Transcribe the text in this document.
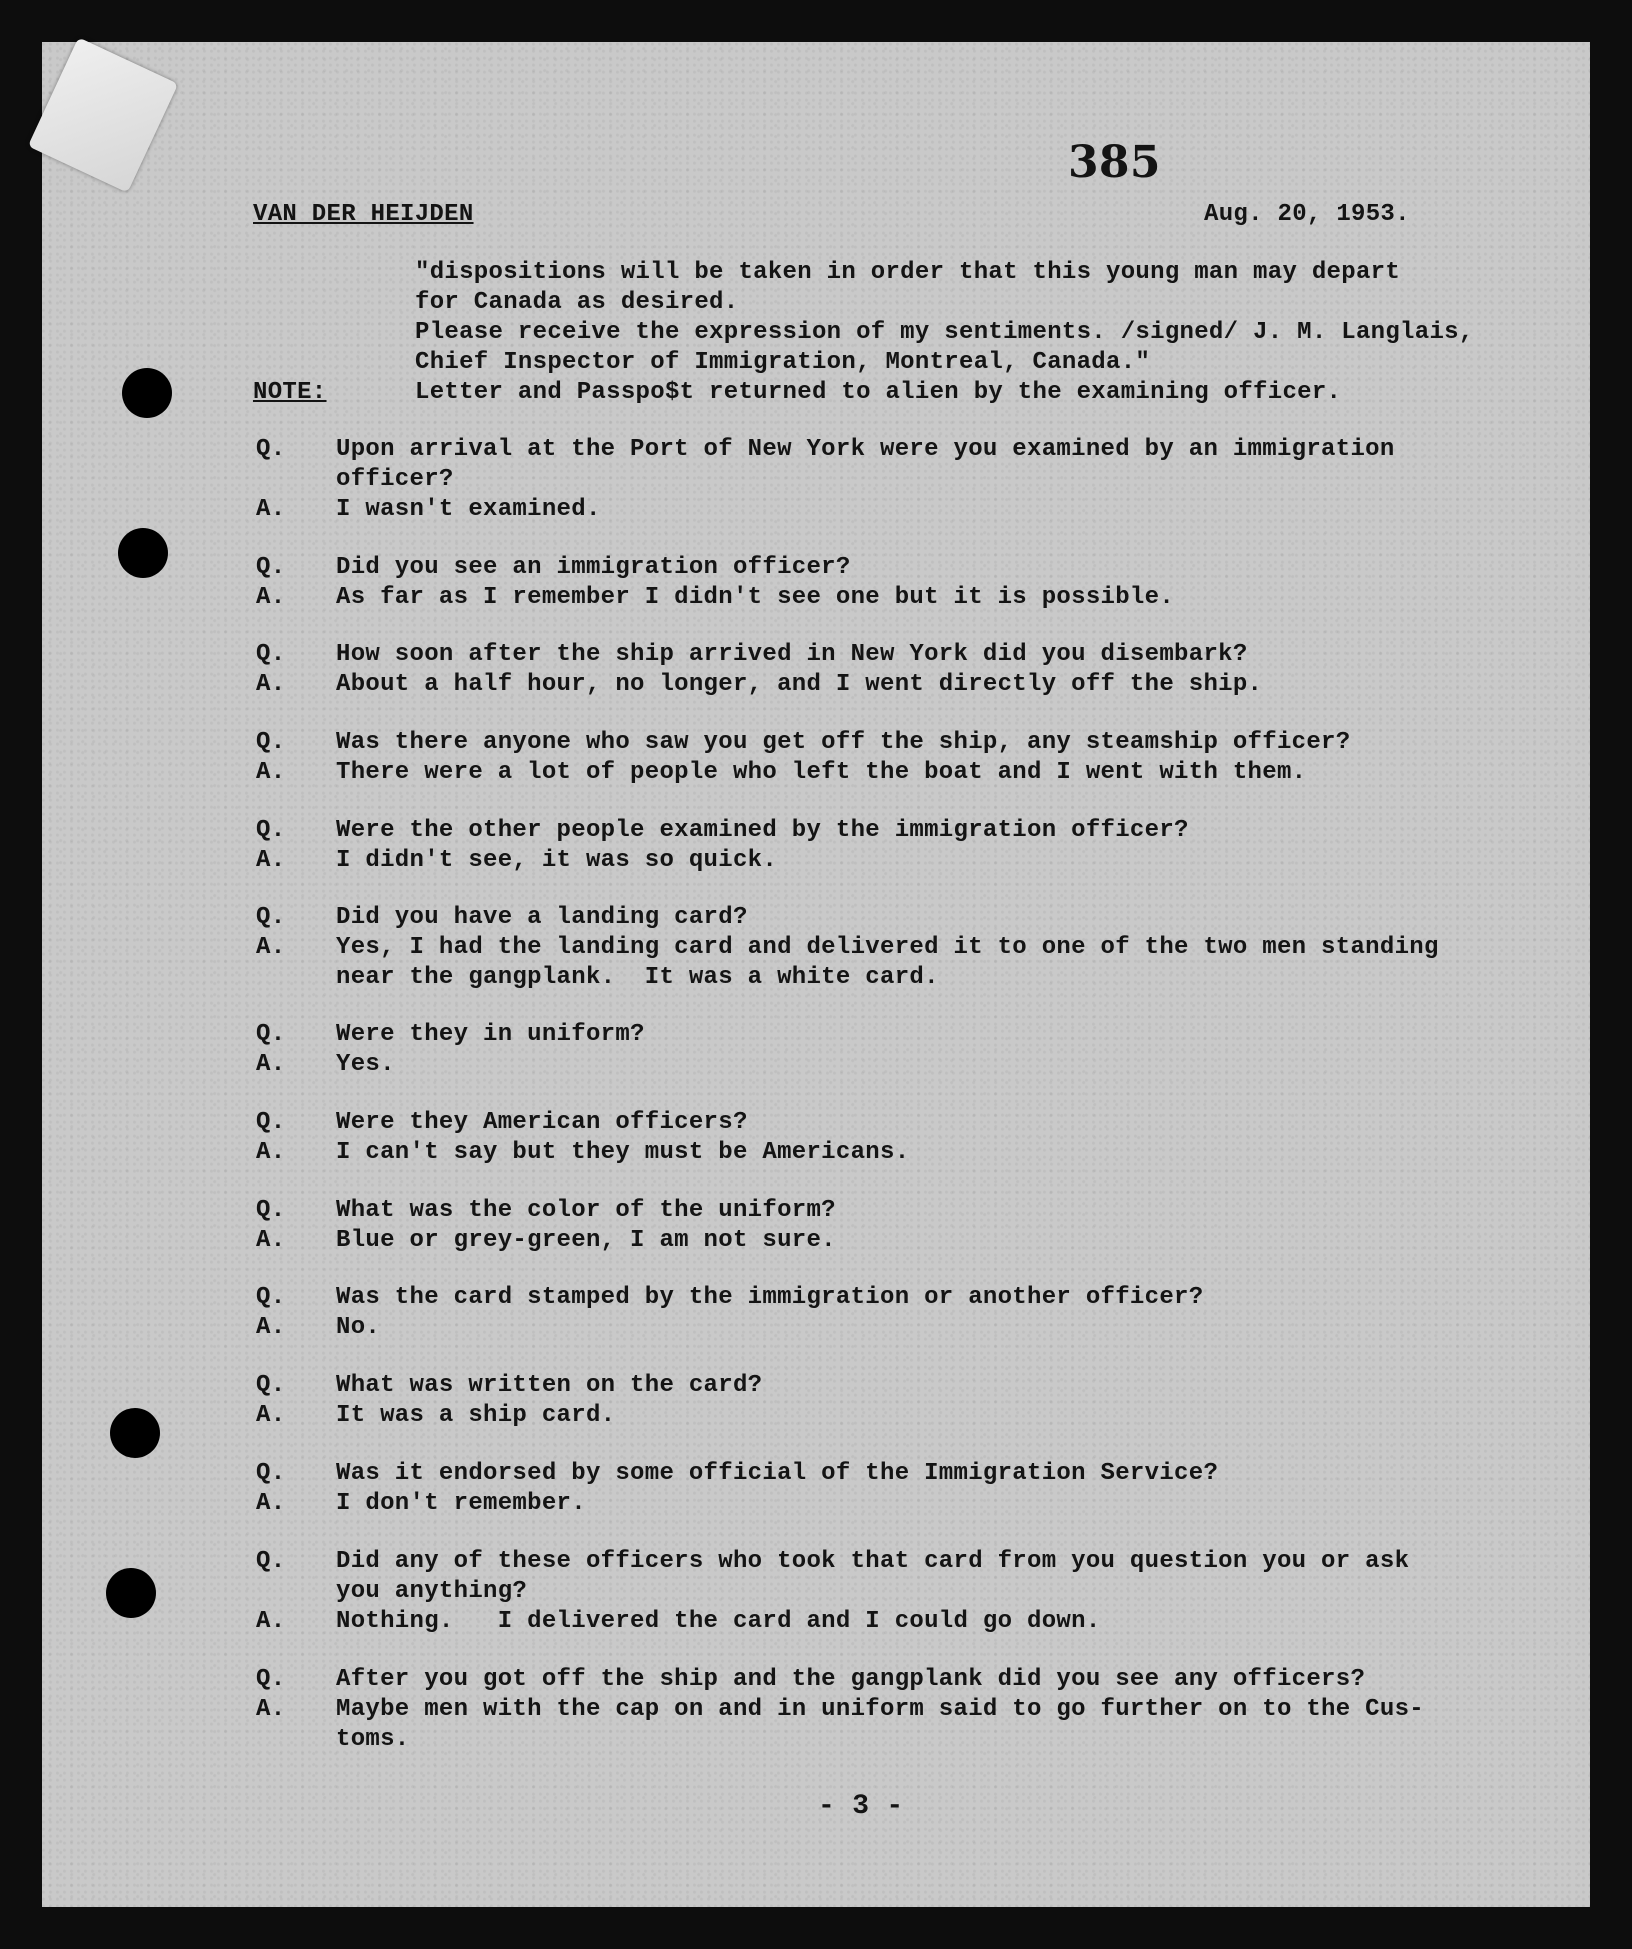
385
VAN DER HEIJDEN	Aug. 20, 1953.
"dispositions will be taken in order that this young man may depart
for Canada as desired.
Please receive the expression of my sentiments. /signed/ J. M. Langlais,
Chief Inspector of Immigration, Montreal, Canada."
NOTE:	Letter and Passpo$t returned to alien by the examining officer.
Q. Upon arrival at the Port of New York were you examined by an immigration
officer?
A. I wasn't examined.
Q. Did you see an immigration officer?
A. As far as I remember I didn't see one but it is possible.
Q. How soon after the ship arrived in New York did you disembark?
A. About a half hour, no longer, and I went directly off the ship.
Q. Was there anyone who saw you get off the ship, any steamship officer?
A. There were a lot of people who left the boat and I went with them.
Q. Were the other people examined by the immigration officer?
A. I didn't see, it was so quick.
Q. Did you have a landing card?
A. Yes, I had the landing card and delivered it to one of the two men standing
near the gangplank.  It was a white card.
Q. Were they in uniform?
A. Yes.
Q. Were they American officers?
A. I can't say but they must be Americans.
Q. What was the color of the uniform?
A. Blue or grey-green, I am not sure.
Q. Was the card stamped by the immigration or another officer?
A. No.
Q. What was written on the card?
A. It was a ship card.
Q. Was it endorsed by some official of the Immigration Service?
A. I don't remember.
Q. Did any of these officers who took that card from you question you or ask
you anything?
A. Nothing.   I delivered the card and I could go down.
Q. After you got off the ship and the gangplank did you see any officers?
A. Maybe men with the cap on and in uniform said to go further on to the Cus-
toms.
- 3 -
